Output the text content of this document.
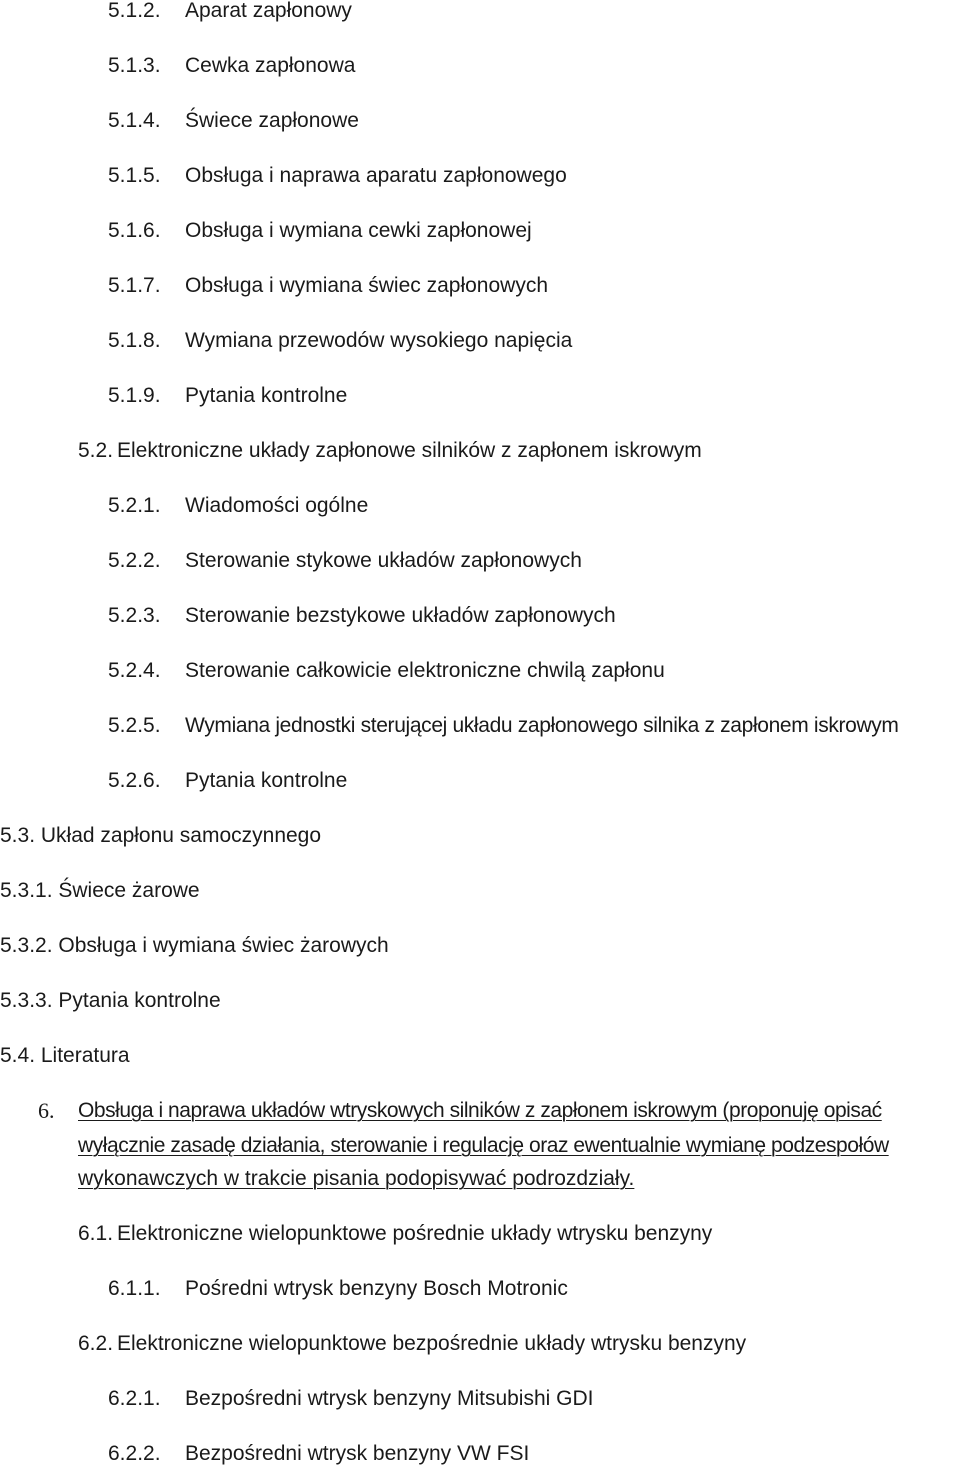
5.1.2. Aparat zapłonowy
5.1.3. Cewka zapłonowa
5.1.4. Świece zapłonowe
5.1.5. Obsługa i naprawa aparatu zapłonowego
5.1.6. Obsługa i wymiana cewki zapłonowej
5.1.7. Obsługa i wymiana świec zapłonowych
5.1.8. Wymiana przewodów wysokiego napięcia
5.1.9. Pytania kontrolne
5.2. Elektroniczne układy zapłonowe silników z zapłonem iskrowym
5.2.1. Wiadomości ogólne
5.2.2. Sterowanie stykowe układów zapłonowych
5.2.3. Sterowanie bezstykowe układów zapłonowych
5.2.4. Sterowanie całkowicie elektroniczne chwilą zapłonu
5.2.5. Wymiana jednostki sterującej układu zapłonowego silnika z zapłonem iskrowym
5.2.6. Pytania kontrolne
5.3. Układ zapłonu samoczynnego
5.3.1. Świece żarowe
5.3.2. Obsługa i wymiana świec żarowych
5.3.3. Pytania kontrolne
5.4. Literatura
6. Obsługa i naprawa układów wtryskowych silników z zapłonem iskrowym (proponuję opisać
wyłącznie zasadę działania, sterowanie i regulację oraz ewentualnie wymianę podzespołów
wykonawczych w trakcie pisania podopisywać podrozdziały.
6.1. Elektroniczne wielopunktowe pośrednie układy wtrysku benzyny
6.1.1. Pośredni wtrysk benzyny Bosch Motronic
6.2. Elektroniczne wielopunktowe bezpośrednie układy wtrysku benzyny
6.2.1. Bezpośredni wtrysk benzyny Mitsubishi GDI
6.2.2. Bezpośredni wtrysk benzyny VW FSI
